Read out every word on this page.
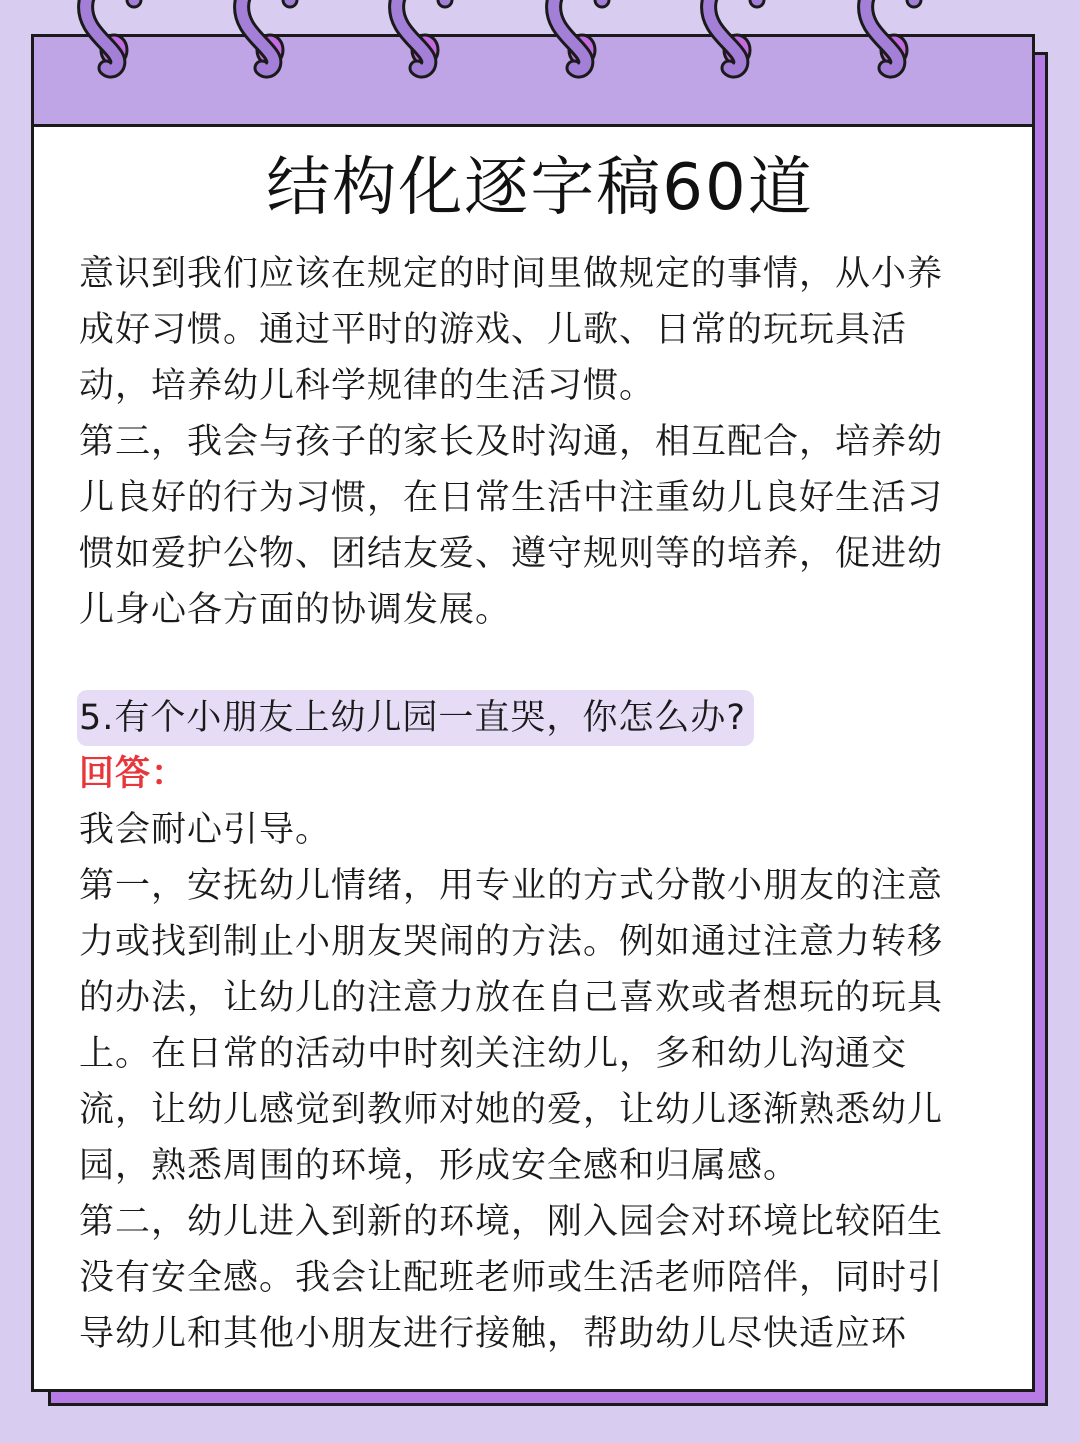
结构化逐字稿60道
意识到我们应该在规定的时间里做规定的事情，从小养
成好习惯。通过平时的游戏、儿歌、日常的玩玩具活
动，培养幼儿科学规律的生活习惯。
第三，我会与孩子的家长及时沟通，相互配合，培养幼
儿良好的行为习惯，在日常生活中注重幼儿良好生活习
惯如爱护公物、团结友爱、遵守规则等的培养，促进幼
儿身心各方面的协调发展。
5.有个小朋友上幼儿园一直哭，你怎么办?
回答：
我会耐心引导。
第一，安抚幼儿情绪，用专业的方式分散小朋友的注意
力或找到制止小朋友哭闹的方法。例如通过注意力转移
的办法，让幼儿的注意力放在自己喜欢或者想玩的玩具
上。在日常的活动中时刻关注幼儿，多和幼儿沟通交
流，让幼儿感觉到教师对她的爱，让幼儿逐渐熟悉幼儿
园，熟悉周围的环境，形成安全感和归属感。
第二，幼儿进入到新的环境，刚入园会对环境比较陌生
没有安全感。我会让配班老师或生活老师陪伴，同时引
导幼儿和其他小朋友进行接触，帮助幼儿尽快适应环
